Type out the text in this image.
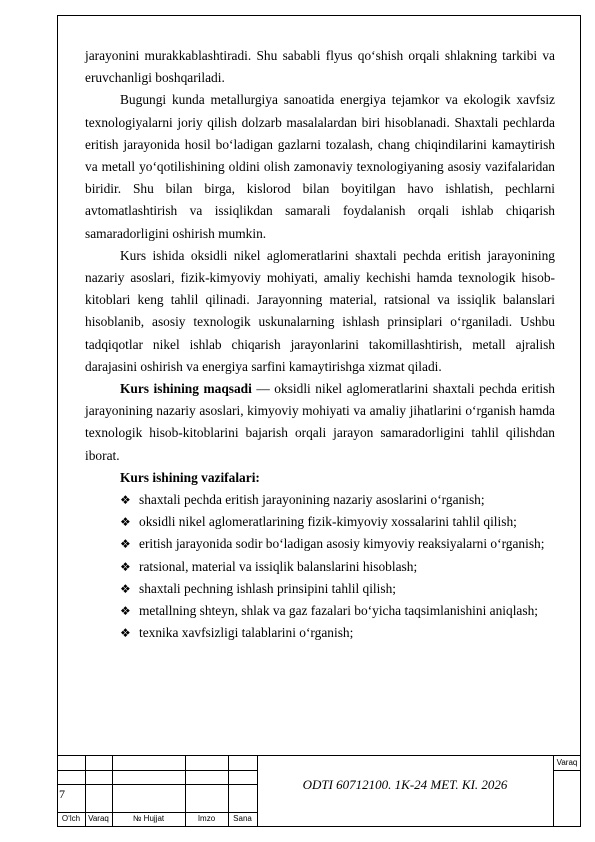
jarayonini murakkablashtiradi. Shu sababli flyus qo‘shish orqali shlakning tarkibi va eruvchanligi boshqariladi.

Bugungi kunda metallurgiya sanoatida energiya tejamkor va ekologik xavfsiz texnologiyalarni joriy qilish dolzarb masalalardan biri hisoblanadi. Shaxtali pechlarda eritish jarayonida hosil bo‘ladigan gazlarni tozalash, chang chiqindilarini kamaytirish va metall yo‘qotilishining oldini olish zamonaviy texnologiyaning asosiy vazifalaridan biridir. Shu bilan birga, kislorod bilan boyitilgan havo ishlatish, pechlarni avtomatlashtirish va issiqlikdan samarali foydalanish orqali ishlab chiqarish samaradorligini oshirish mumkin.

Kurs ishida oksidli nikel aglomeratlarini shaxtali pechda eritish jarayonining nazariy asoslari, fizik-kimyoviy mohiyati, amaliy kechishi hamda texnologik hisob-kitoblari keng tahlil qilinadi. Jarayonning material, ratsional va issiqlik balanslari hisoblanib, asosiy texnologik uskunalarning ishlash prinsiplari o‘rganiladi. Ushbu tadqiqotlar nikel ishlab chiqarish jarayonlarini takomillashtirish, metall ajralish darajasini oshirish va energiya sarfini kamaytirishga xizmat qiladi.

Kurs ishining maqsadi — oksidli nikel aglomeratlarini shaxtali pechda eritish jarayonining nazariy asoslari, kimyoviy mohiyati va amaliy jihatlarini o‘rganish hamda texnologik hisob-kitoblarini bajarish orqali jarayon samaradorligini tahlil qilishdan iborat.

Kurs ishining vazifalari:

❖ shaxtali pechda eritish jarayonining nazariy asoslarini o‘rganish;
❖ oksidli nikel aglomeratlarining fizik-kimyoviy xossalarini tahlil qilish;
❖ eritish jarayonida sodir bo‘ladigan asosiy kimyoviy reaksiyalarni o‘rganish;
❖ ratsional, material va issiqlik balanslarini hisoblash;
❖ shaxtali pechning ishlash prinsipini tahlil qilish;
❖ metallning shteyn, shlak va gaz fazalari bo‘yicha taqsimlanishini aniqlash;
❖ texnika xavfsizligi talablarini o‘rganish;
7
O‘lch	Varaq	№ Hujjat	Imzo	Sana
ODTI 60712100. 1K-24 MET. KI. 2026
Varaq
